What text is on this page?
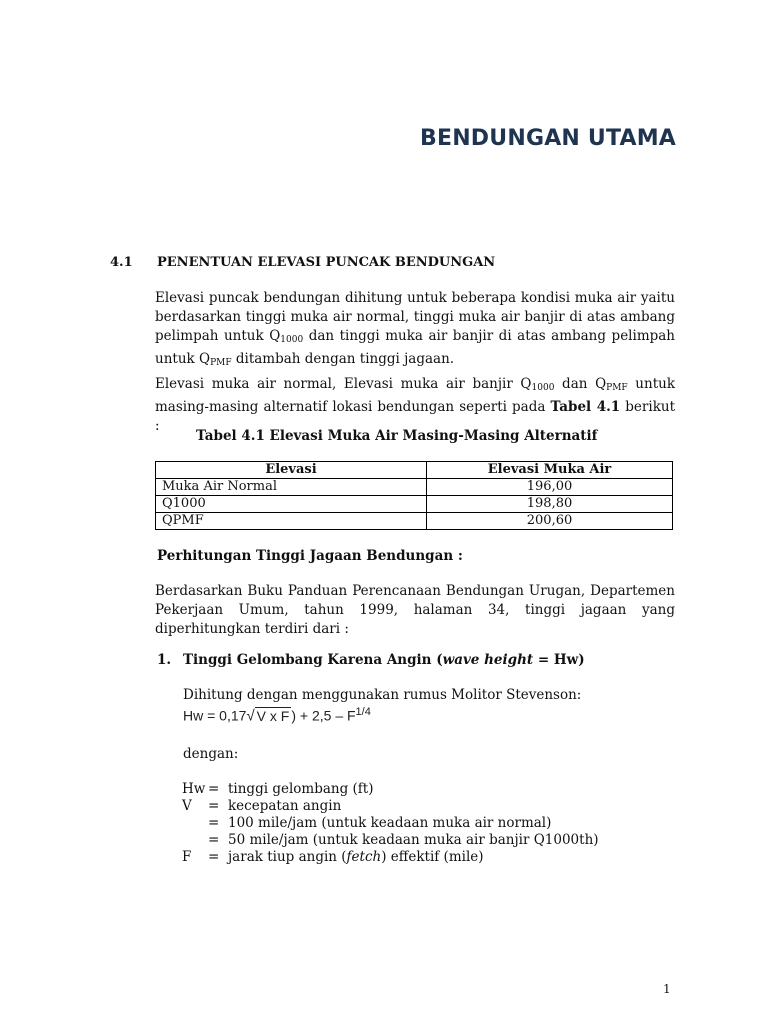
BENDUNGAN UTAMA
4.1 PENENTUAN ELEVASI PUNCAK BENDUNGAN

Elevasi puncak bendungan dihitung untuk beberapa kondisi muka air yaitu berdasarkan tinggi muka air normal, tinggi muka air banjir di atas ambang pelimpah untuk $Q_{1000}$ dan tinggi muka air banjir di atas ambang pelimpah untuk $Q_{PMF}$ ditambah dengan tinggi jagaan.

Elevasi muka air normal, Elevasi muka air banjir $Q_{1000}$ dan $Q_{PMF}$ untuk masing-masing alternatif lokasi bendungan seperti pada Tabel 4.1 berikut :

Tabel 4.1 Elevasi Muka Air Masing-Masing Alternatif
Elevasi	Elevasi Muka Air
Muka Air Normal	196,00
Q1000	198,80
QPMF	200,60
Perhitungan Tinggi Jagaan Bendungan :

Berdasarkan Buku Panduan Perencanaan Bendungan Urugan, Departemen Pekerjaan Umum, tahun 1999, halaman 34, tinggi jagaan yang diperhitungkan terdiri dari :

1. Tinggi Gelombang Karena Angin (wave height = Hw)
Dihitung dengan menggunakan rumus Molitor Stevenson:
Hw = 0,17√ V x F ) + $2,5 - F^{1/4}$
dengan:
Hw = tinggi gelombang (ft)
V = kecepatan angin
= 100 mile/jam (untuk keadaan muka air normal)
= 50 mile/jam (untuk keadaan muka air banjir Q1000th)
F = jarak tiup angin (fetch) effektif (mile)
1
